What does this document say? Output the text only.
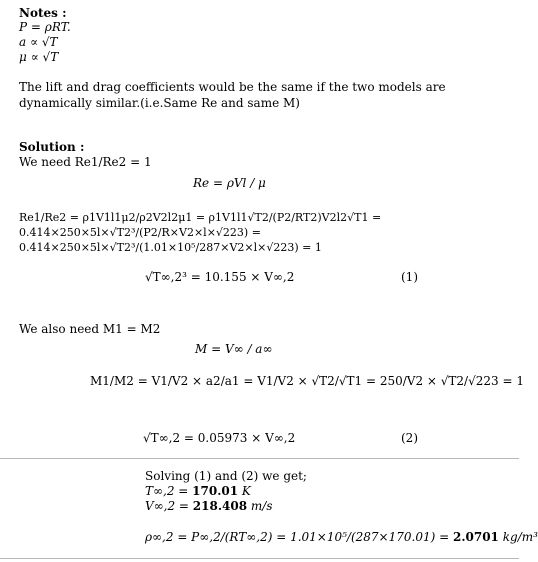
Notes :
P = ρRT.
a ∝ √T
μ ∝ √T
The lift and drag coefficients would be the same if the two models are
dynamically similar.(i.e.Same Re and same M)
Solution :
We need Re1/Re2 = 1
Re = ρVl / μ
Re1/Re2 = ρ1V1l1μ2/ρ2V2l2μ1 = ρ1V1l1√T2/(P2/RT2)V2l2√T1 = 0.414×250×5l×√T2³/(P2/R×V2×l×√223) = 0.414×250×5l×√T2³/(1.01×10⁵/287×V2×l×√223) = 1
√T∞,2³ = 10.155 × V∞,2	(1)
We also need M1 = M2
M = V∞ / a∞
M1/M2 = V1/V2 × a2/a1 = V1/V2 × √T2/√T1 = 250/V2 × √T2/√223 = 1
√T∞,2 = 0.05973 × V∞,2	(2)
Solving (1) and (2) we get;
T∞,2 = 170.01 K
V∞,2 = 218.408 m/s
ρ∞,2 = P∞,2/(RT∞,2) = 1.01×10⁵/(287×170.01) = 2.0701 kg/m³
